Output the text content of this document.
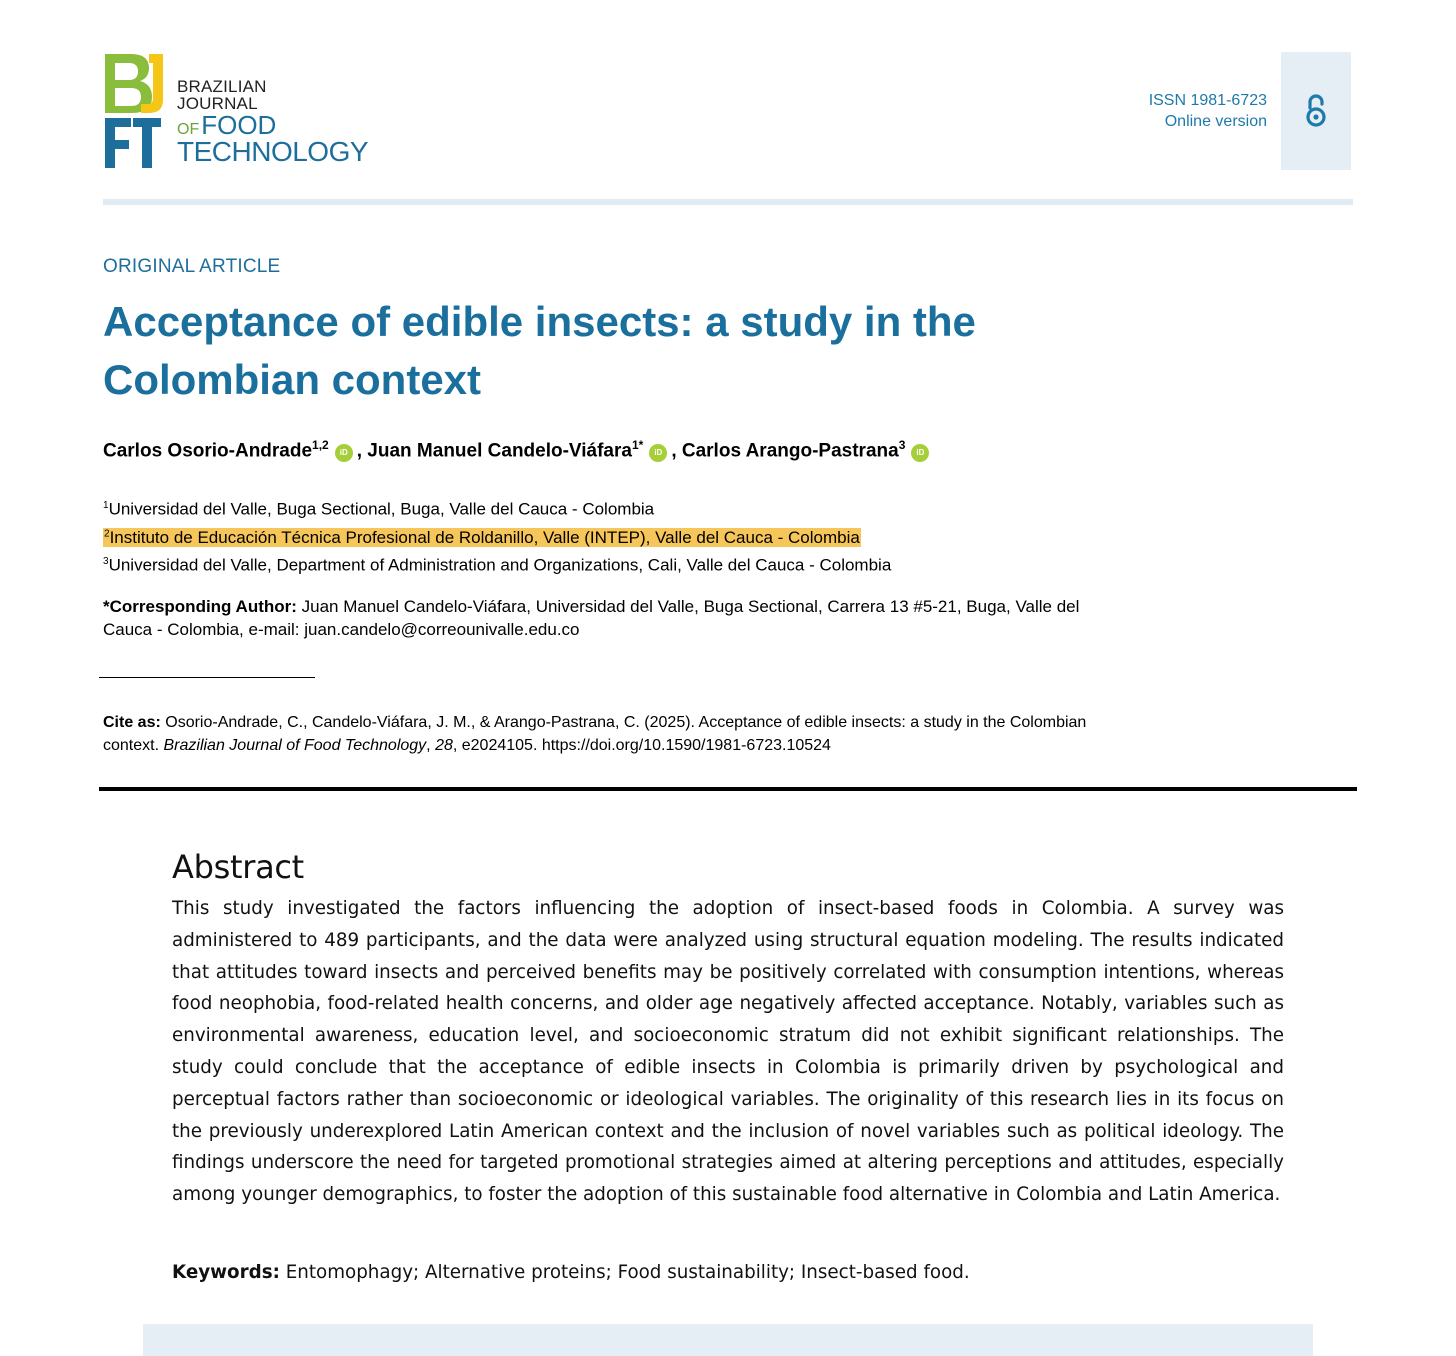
BRAZILIAN
JOURNAL
OFFOOD
TECHNOLOGY
ISSN 1981-6723
Online version
ORIGINAL ARTICLE
Acceptance of edible insects: a study in the Colombian context
Carlos Osorio-Andrade$^{1,2}$iD , Juan Manuel Candelo-Viáfara$^{1*}$iD , Carlos Arango-Pastrana$^3$iD
$^1$Universidad del Valle, Buga Sectional, Buga, Valle del Cauca - Colombia
$^2$Instituto de Educación Técnica Profesional de Roldanillo, Valle (INTEP), Valle del Cauca - Colombia
$^3$Universidad del Valle, Department of Administration and Organizations, Cali, Valle del Cauca - Colombia
*Corresponding Author: Juan Manuel Candelo-Viáfara, Universidad del Valle, Buga Sectional, Carrera 13 #5-21, Buga, Valle del Cauca - Colombia, e-mail: juan.candelo@correounivalle.edu.co
Cite as: Osorio-Andrade, C., Candelo-Viáfara, J. M., & Arango-Pastrana, C. (2025). Acceptance of edible insects: a study in the Colombian context. Brazilian Journal of Food Technology, 28, e2024105. https://doi.org/10.1590/1981-6723.10524
Abstract

This study investigated the factors influencing the adoption of insect-based foods in Colombia. A survey was administered to 489 participants, and the data were analyzed using structural equation modeling. The results indicated that attitudes toward insects and perceived benefits may be positively correlated with consumption intentions, whereas food neophobia, food-related health concerns, and older age negatively affected acceptance. Notably, variables such as environmental awareness, education level, and socioeconomic stratum did not exhibit significant relationships. The study could conclude that the acceptance of edible insects in Colombia is primarily driven by psychological and perceptual factors rather than socioeconomic or ideological variables. The originality of this research lies in its focus on the previously underexplored Latin American context and the inclusion of novel variables such as political ideology. The findings underscore the need for targeted promotional strategies aimed at altering perceptions and attitudes, especially among younger demographics, to foster the adoption of this sustainable food alternative in Colombia and Latin America.

Keywords: Entomophagy; Alternative proteins; Food sustainability; Insect-based food.
